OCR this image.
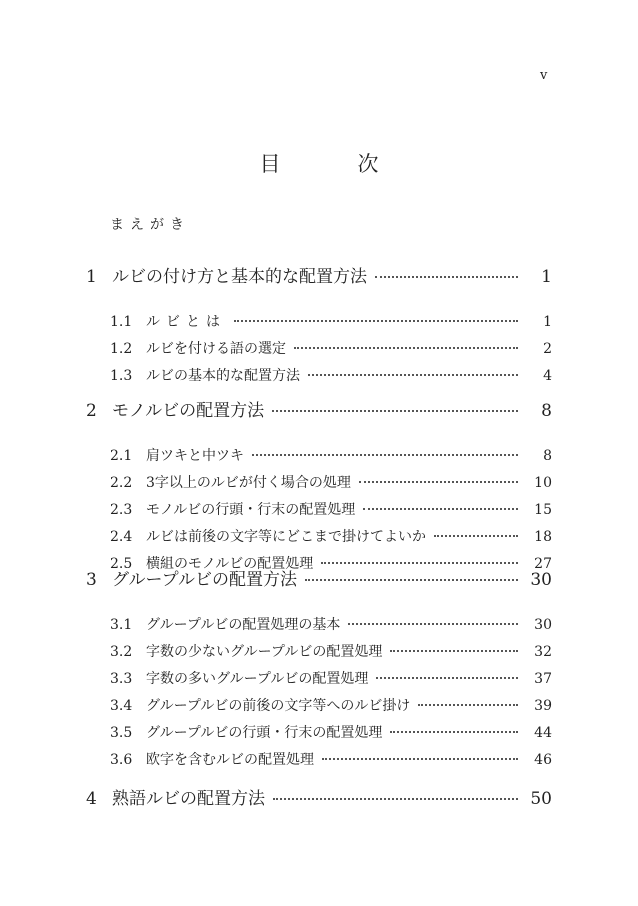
v
目　次
まえがき
1 ルビの付け方と基本的な配置方法	1
1.1 ルビとは	1
1.2 ルビを付ける語の選定	2
1.3 ルビの基本的な配置方法	4
2 モノルビの配置方法	8
2.1 肩ツキと中ツキ	8
2.2 3字以上のルビが付く場合の処理	10
2.3 モノルビの行頭・行末の配置処理	15
2.4 ルビは前後の文字等にどこまで掛けてよいか	18
2.5 横組のモノルビの配置処理	27
3 グループルビの配置方法	30
3.1 グループルビの配置処理の基本	30
3.2 字数の少ないグループルビの配置処理	32
3.3 字数の多いグループルビの配置処理	37
3.4 グループルビの前後の文字等へのルビ掛け	39
3.5 グループルビの行頭・行末の配置処理	44
3.6 欧字を含むルビの配置処理	46
4 熟語ルビの配置方法	50
